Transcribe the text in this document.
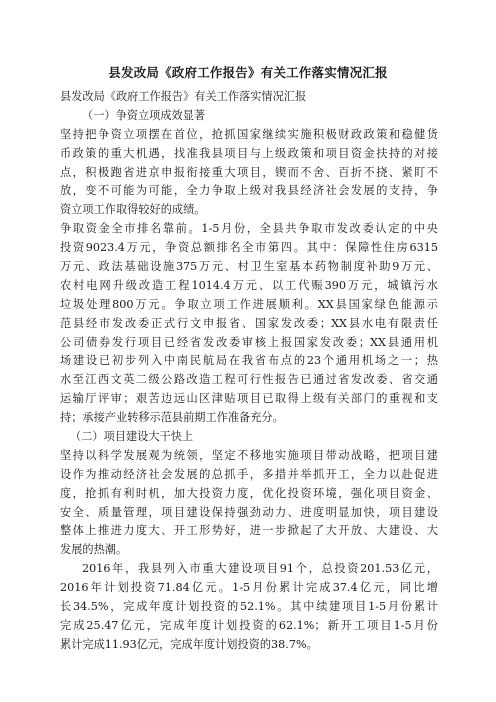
县发改局《政府工作报告》有关工作落实情况汇报
县发改局《政府工作报告》有关工作落实情况汇报
（一）争资立项成效显著
坚持把争资立项摆在首位，抢抓国家继续实施积极财政政策和稳健货
币政策的重大机遇，找准我县项目与上级政策和项目资金扶持的对接
点，积极跑省进京申报衔接重大项目，锲而不舍、百折不挠、紧盯不
放，变不可能为可能，全力争取上级对我县经济社会发展的支持，争
资立项工作取得较好的成绩。
争取资金全市排名靠前。1-5月份，全县共争取市发改委认定的中央
投资9023.4万元，争资总额排名全市第四。其中：保障性住房6315
万元、政法基础设施375万元、村卫生室基本药物制度补助9万元、
农村电网升级改造工程1014.4万元、以工代赈390万元，城镇污水
垃圾处理800万元。争取立项工作进展顺利。XX县国家绿色能源示
范县经市发改委正式行文申报省、国家发改委；XX县水电有限责任
公司债券发行项目已经省发改委审核上报国家发改委；XX县通用机
场建设已初步列入中南民航局在我省布点的23个通用机场之一；热
水至江西文英二级公路改造工程可行性报告已通过省发改委、省交通
运输厅评审；艰苦边远山区津贴项目已取得上级有关部门的重视和支
持；承接产业转移示范县前期工作准备充分。
（二）项目建设大干快上
坚持以科学发展观为统领，坚定不移地实施项目带动战略，把项目建
设作为推动经济社会发展的总抓手，多措并举抓开工，全力以赴促进
度，抢抓有利时机，加大投资力度，优化投资环境，强化项目资金、
安全、质量管理，项目建设保持强劲动力、进度明显加快，项目建设
整体上推进力度大、开工形势好，进一步掀起了大开放、大建设、大
发展的热潮。
2016年，我县列入市重大建设项目91个，总投资201.53亿元，
2016年计划投资71.84亿元。1-5月份累计完成37.4亿元，同比增
长34.5%，完成年度计划投资的52.1%。其中续建项目1-5月份累计
完成25.47亿元，完成年度计划投资的62.1%；新开工项目1-5月份
累计完成11.93亿元，完成年度计划投资的38.7%。
